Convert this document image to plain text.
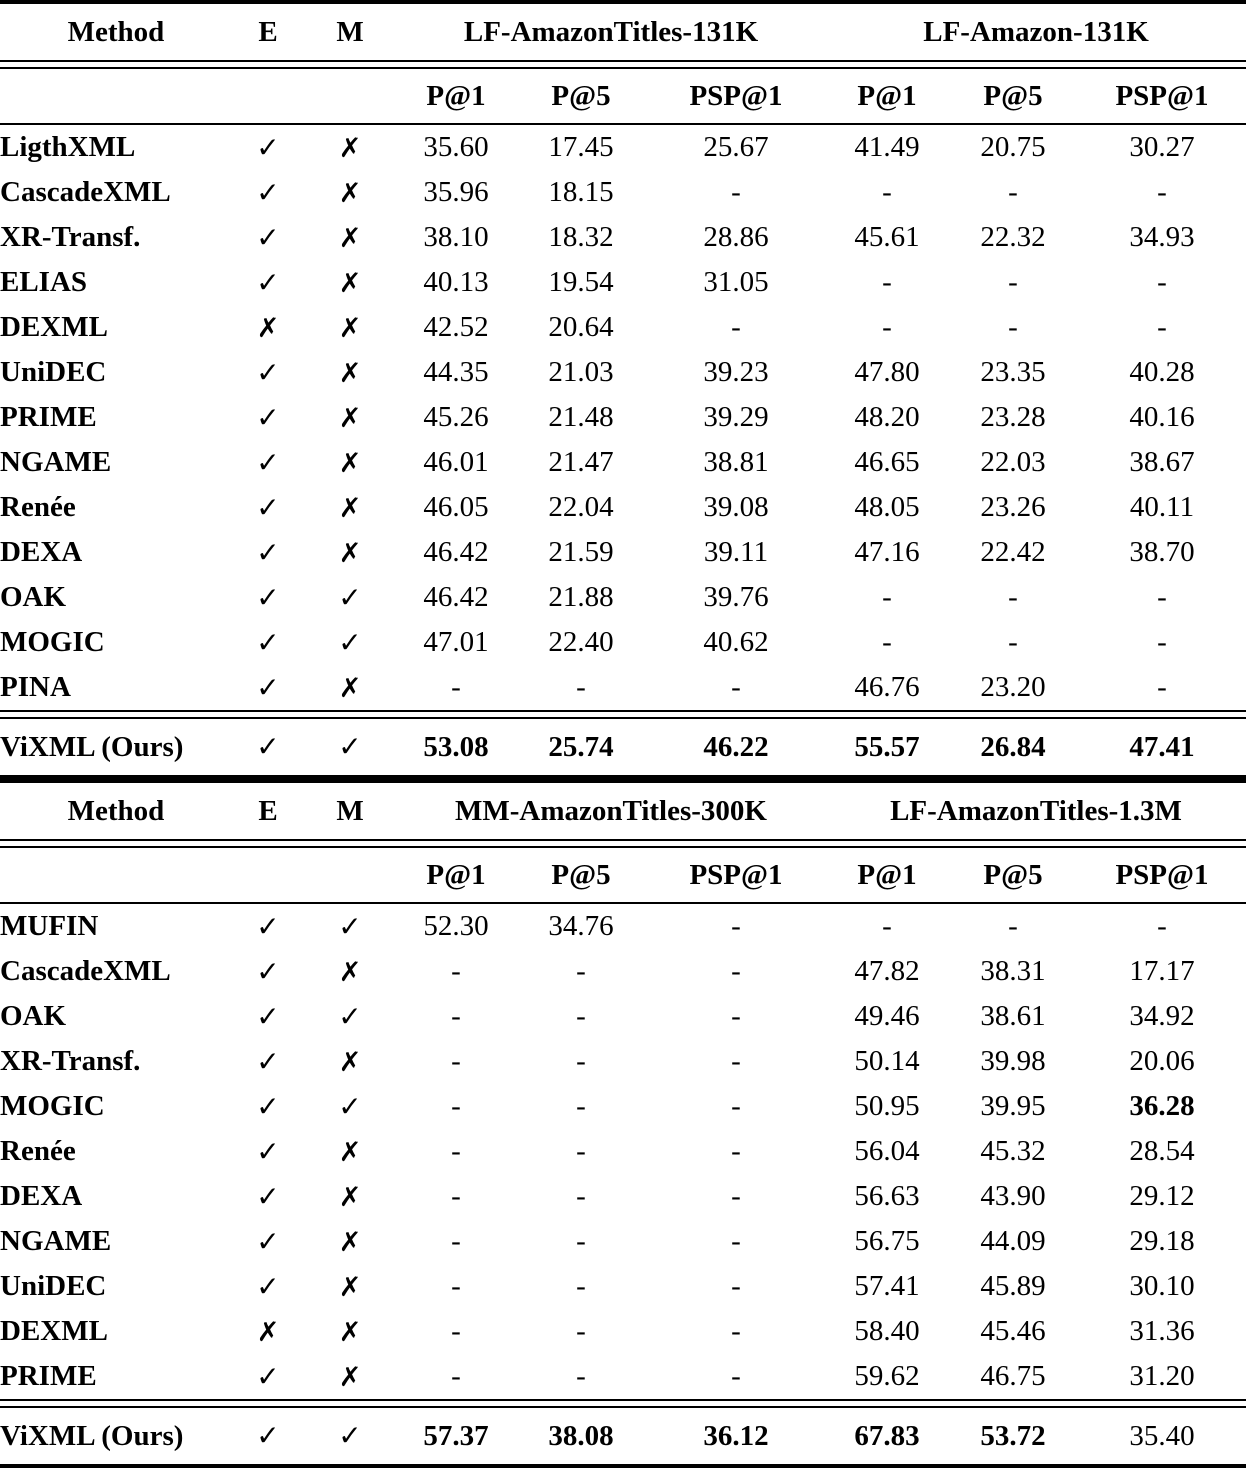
Method	E	M	LF-AmazonTitles-131K			LF-Amazon-131K		

			P@1	P@5	PSP@1	P@1	P@5	PSP@1

LigthXML	✓	✗	35.60	17.45	25.67	41.49	20.75	30.27
CascadeXML	✓	✗	35.96	18.15	-	-	-	-
XR-Transf.	✓	✗	38.10	18.32	28.86	45.61	22.32	34.93
ELIAS	✓	✗	40.13	19.54	31.05	-	-	-
DEXML	✗	✗	42.52	20.64	-	-	-	-
UniDEC	✓	✗	44.35	21.03	39.23	47.80	23.35	40.28
PRIME	✓	✗	45.26	21.48	39.29	48.20	23.28	40.16
NGAME	✓	✗	46.01	21.47	38.81	46.65	22.03	38.67
Renée	✓	✗	46.05	22.04	39.08	48.05	23.26	40.11
DEXA	✓	✗	46.42	21.59	39.11	47.16	22.42	38.70
OAK	✓	✓	46.42	21.88	39.76	-	-	-
MOGIC	✓	✓	47.01	22.40	40.62	-	-	-
PINA	✓	✗	-	-	-	46.76	23.20	-

ViXML (Ours)	✓	✓	53.08	25.74	46.22	55.57	26.84	47.41

Method	E	M	MM-AmazonTitles-300K			LF-AmazonTitles-1.3M		

			P@1	P@5	PSP@1	P@1	P@5	PSP@1

MUFIN	✓	✓	52.30	34.76	-	-	-	-
CascadeXML	✓	✗	-	-	-	47.82	38.31	17.17
OAK	✓	✓	-	-	-	49.46	38.61	34.92
XR-Transf.	✓	✗	-	-	-	50.14	39.98	20.06
MOGIC	✓	✓	-	-	-	50.95	39.95	36.28
Renée	✓	✗	-	-	-	56.04	45.32	28.54
DEXA	✓	✗	-	-	-	56.63	43.90	29.12
NGAME	✓	✗	-	-	-	56.75	44.09	29.18
UniDEC	✓	✗	-	-	-	57.41	45.89	30.10
DEXML	✗	✗	-	-	-	58.40	45.46	31.36
PRIME	✓	✗	-	-	-	59.62	46.75	31.20

ViXML (Ours)	✓	✓	57.37	38.08	36.12	67.83	53.72	35.40
